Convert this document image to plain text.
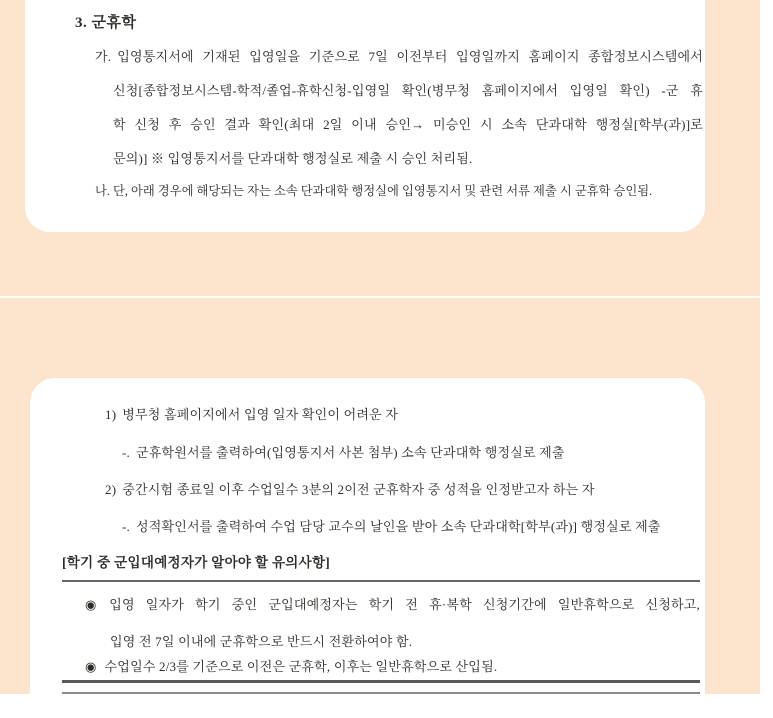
3. 군휴학
가. 입영통지서에 기재된 입영일을 기준으로 7일 이전부터 입영일까지 홈페이지 종합정보시스템에서
신청[종합정보시스템-학적/졸업-휴학신청-입영일 확인(병무청 홈페이지에서 입영일 확인) -군 휴
학 신청 후 승인 결과 확인(최대 2일 이내 승인→ 미승인 시 소속 단과대학 행정실[학부(과)]로
문의)] ※ 입영통지서를 단과대학 행정실로 제출 시 승인 처리됨.
나. 단, 아래 경우에 해당되는 자는 소속 단과대학 행정실에 입영통지서 및 관련 서류 제출 시 군휴학 승인됨.
1) 병무청 홈페이지에서 입영 일자 확인이 어려운 자
-. 군휴학원서를 출력하여(입영통지서 사본 첨부) 소속 단과대학 행정실로 제출
2) 중간시험 종료일 이후 수업일수 3분의 2이전 군휴학자 중 성적을 인정받고자 하는 자
-. 성적확인서를 출력하여 수업 담당 교수의 날인을 받아 소속 단과대학[학부(과)] 행정실로 제출
[학기 중 군입대예정자가 알아야 할 유의사항]
◉ 입영 일자가 학기 중인 군입대예정자는 학기 전 휴·복학 신청기간에 일반휴학으로 신청하고,
입영 전 7일 이내에 군휴학으로 반드시 전환하여야 함.
◉ 수업일수 2/3를 기준으로 이전은 군휴학, 이후는 일반휴학으로 산입됨.
